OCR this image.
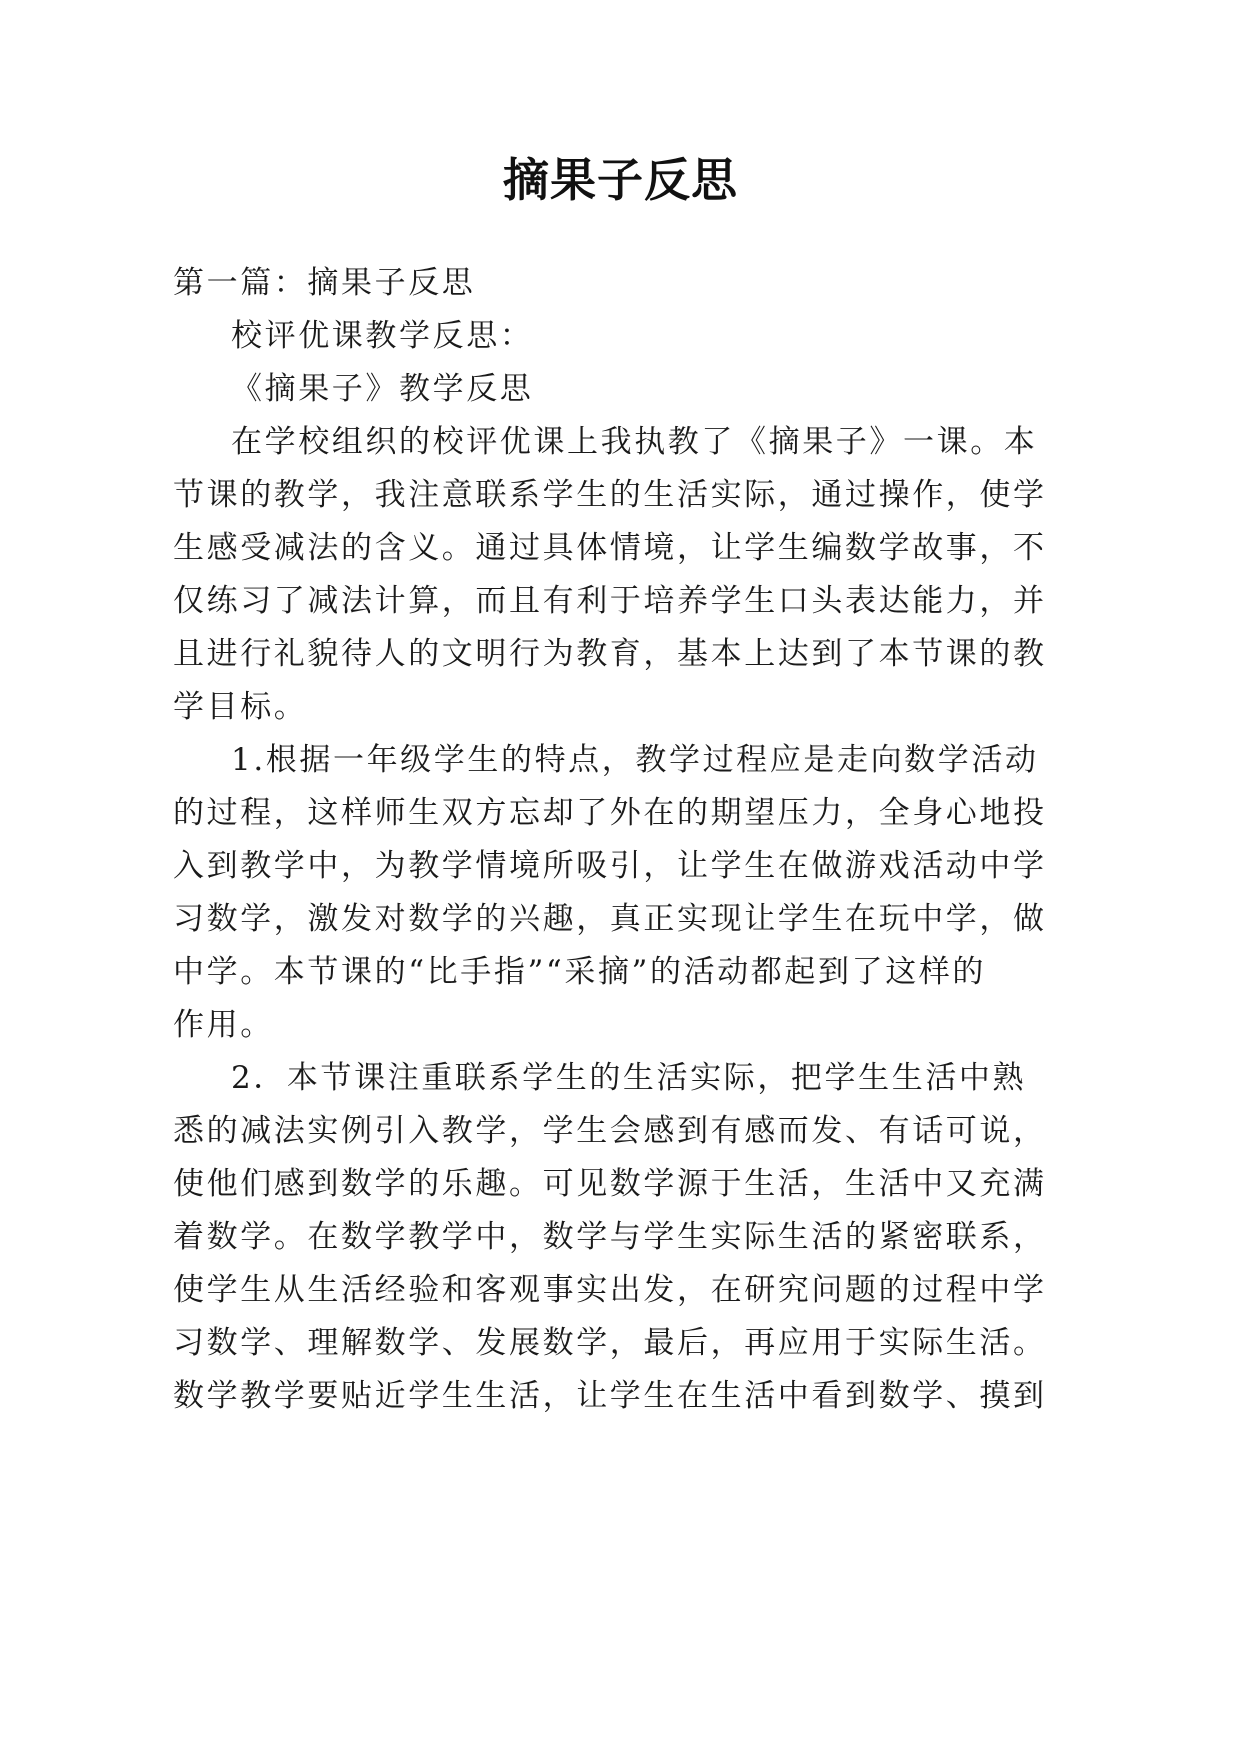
摘果子反思
第一篇：摘果子反思
校评优课教学反思：
《摘果子》教学反思
在学校组织的校评优课上我执教了《摘果子》一课。本
节课的教学，我注意联系学生的生活实际，通过操作，使学
生感受减法的含义。通过具体情境，让学生编数学故事，不
仅练习了减法计算，而且有利于培养学生口头表达能力，并
且进行礼貌待人的文明行为教育，基本上达到了本节课的教
学目标。
1.根据一年级学生的特点，教学过程应是走向数学活动
的过程，这样师生双方忘却了外在的期望压力，全身心地投
入到教学中，为教学情境所吸引，让学生在做游戏活动中学
习数学，激发对数学的兴趣，真正实现让学生在玩中学，做
中学。本节课的“比手指”“采摘”的活动都起到了这样的
作用。
2．本节课注重联系学生的生活实际，把学生生活中熟
悉的减法实例引入教学，学生会感到有感而发、有话可说，
使他们感到数学的乐趣。可见数学源于生活，生活中又充满
着数学。在数学教学中，数学与学生实际生活的紧密联系，
使学生从生活经验和客观事实出发，在研究问题的过程中学
习数学、理解数学、发展数学，最后，再应用于实际生活。
数学教学要贴近学生生活，让学生在生活中看到数学、摸到
